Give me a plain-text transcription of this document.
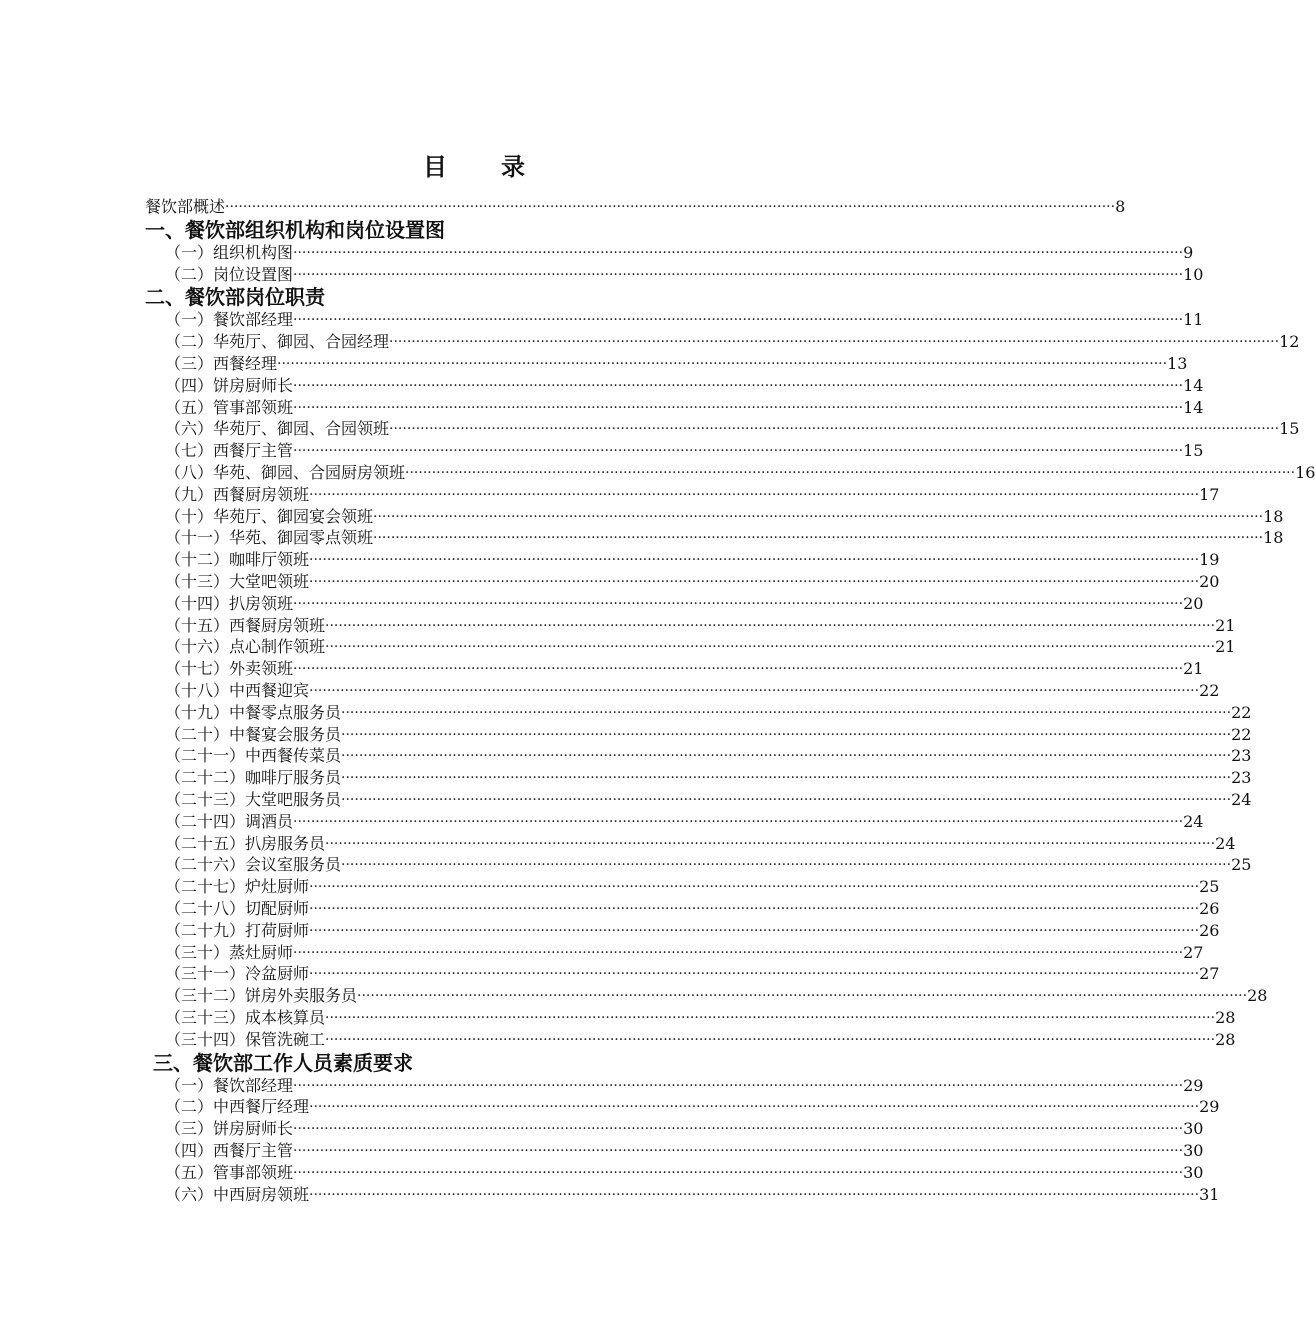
目 录
餐饮部概述 ········································································································································································································ 8
一、餐饮部组织机构和岗位设置图
（一）组织机构图 ········································································································································································································ 9
（二）岗位设置图 ········································································································································································································ 10
二、餐饮部岗位职责
（一）餐饮部经理 ········································································································································································································ 11
（二）华苑厅、御园、合园经理 ········································································································································································································ 12
（三）西餐经理 ········································································································································································································ 13
（四）饼房厨师长 ········································································································································································································ 14
（五）管事部领班 ········································································································································································································ 14
（六）华苑厅、御园、合园领班 ········································································································································································································ 15
（七）西餐厅主管 ········································································································································································································ 15
（八）华苑、御园、合园厨房领班 ········································································································································································································ 16
（九）西餐厨房领班 ········································································································································································································ 17
（十）华苑厅、御园宴会领班 ········································································································································································································ 18
（十一）华苑、御园零点领班 ········································································································································································································ 18
（十二）咖啡厅领班 ········································································································································································································ 19
（十三）大堂吧领班 ········································································································································································································ 20
（十四）扒房领班 ········································································································································································································ 20
（十五）西餐厨房领班 ········································································································································································································ 21
（十六）点心制作领班 ········································································································································································································ 21
（十七）外卖领班 ········································································································································································································ 21
（十八）中西餐迎宾 ········································································································································································································ 22
（十九）中餐零点服务员 ········································································································································································································ 22
（二十）中餐宴会服务员 ········································································································································································································ 22
（二十一）中西餐传菜员 ········································································································································································································ 23
（二十二）咖啡厅服务员 ········································································································································································································ 23
（二十三）大堂吧服务员 ········································································································································································································ 24
（二十四）调酒员 ········································································································································································································ 24
（二十五）扒房服务员 ········································································································································································································ 24
（二十六）会议室服务员 ········································································································································································································ 25
（二十七）炉灶厨师 ········································································································································································································ 25
（二十八）切配厨师 ········································································································································································································ 26
（二十九）打荷厨师 ········································································································································································································ 26
（三十）蒸灶厨师 ········································································································································································································ 27
（三十一）冷盆厨师 ········································································································································································································ 27
（三十二）饼房外卖服务员 ········································································································································································································ 28
（三十三）成本核算员 ········································································································································································································ 28
（三十四）保管洗碗工 ········································································································································································································ 28
三、餐饮部工作人员素质要求
（一）餐饮部经理 ········································································································································································································ 29
（二）中西餐厅经理 ········································································································································································································ 29
（三）饼房厨师长 ········································································································································································································ 30
（四）西餐厅主管 ········································································································································································································ 30
（五）管事部领班 ········································································································································································································ 30
（六）中西厨房领班 ········································································································································································································ 31
